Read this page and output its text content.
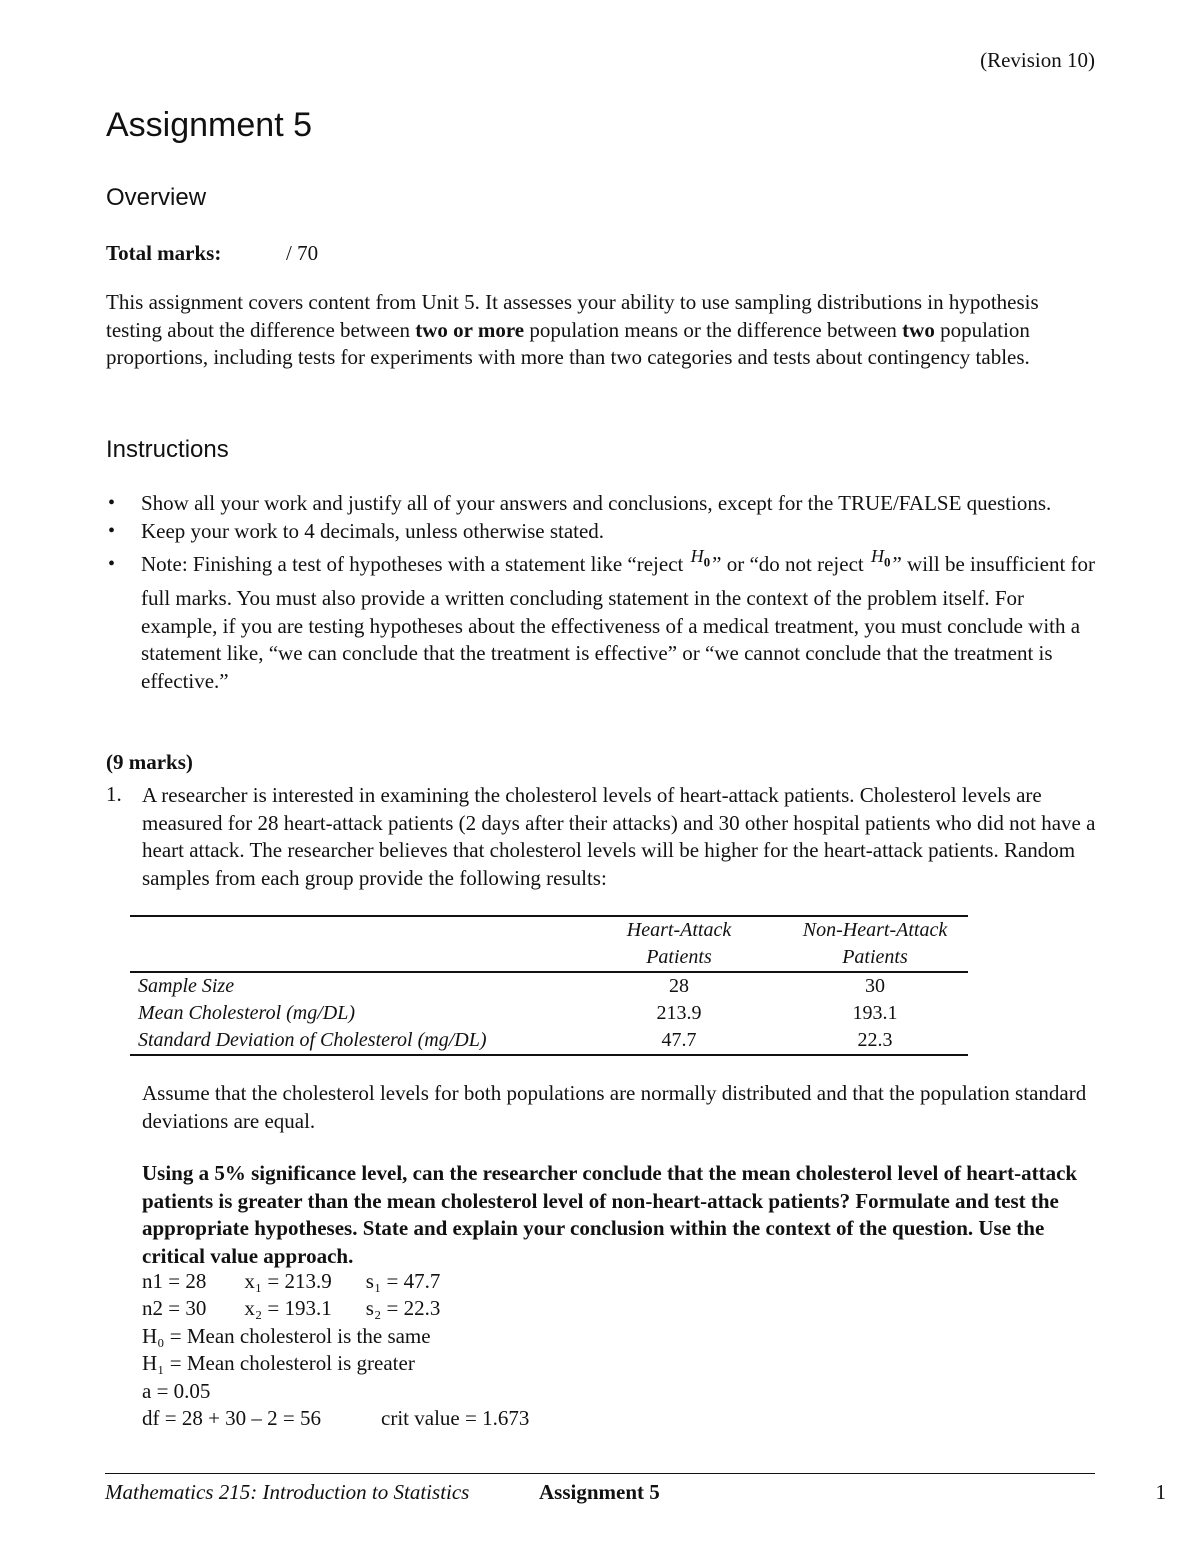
(Revision 10)
Assignment 5
Overview
Total marks:	/ 70
This assignment covers content from Unit 5. It assesses your ability to use sampling distributions in hypothesis testing about the difference between two or more population means or the difference between two population proportions, including tests for experiments with more than two categories and tests about contingency tables.
Instructions
• Show all your work and justify all of your answers and conclusions, except for the TRUE/FALSE questions.
• Keep your work to 4 decimals, unless otherwise stated.
• Note: Finishing a test of hypotheses with a statement like “reject $H_0$” or “do not reject $H_0$” will be insufficient for full marks. You must also provide a written concluding statement in the context of the problem itself. For example, if you are testing hypotheses about the effectiveness of a medical treatment, you must conclude with a statement like, “we can conclude that the treatment is effective” or “we cannot conclude that the treatment is effective.”
(9 marks)
1. A researcher is interested in examining the cholesterol levels of heart-attack patients. Cholesterol levels are measured for 28 heart-attack patients (2 days after their attacks) and 30 other hospital patients who did not have a heart attack. The researcher believes that cholesterol levels will be higher for the heart-attack patients. Random samples from each group provide the following results:
	Heart-Attack	Non-Heart-Attack
	Patients	Patients
Sample Size	28	30
Mean Cholesterol (mg/DL)	213.9	193.1
Standard Deviation of Cholesterol (mg/DL)	47.7	22.3
Assume that the cholesterol levels for both populations are normally distributed and that the population standard deviations are equal.
Using a 5% significance level, can the researcher conclude that the mean cholesterol level of heart-attack patients is greater than the mean cholesterol level of non-heart-attack patients? Formulate and test the appropriate hypotheses. State and explain your conclusion within the context of the question. Use the critical value approach.
n1 = 28 x₁ = 213.9 s₁ = 47.7
n2 = 30 x₂ = 193.1 s₂ = 22.3
H₀ = Mean cholesterol is the same
H₁ = Mean cholesterol is greater
a = 0.05
df = 28 + 30 – 2 = 56	crit value = 1.673
Mathematics 215: Introduction to Statistics	Assignment 5	1
